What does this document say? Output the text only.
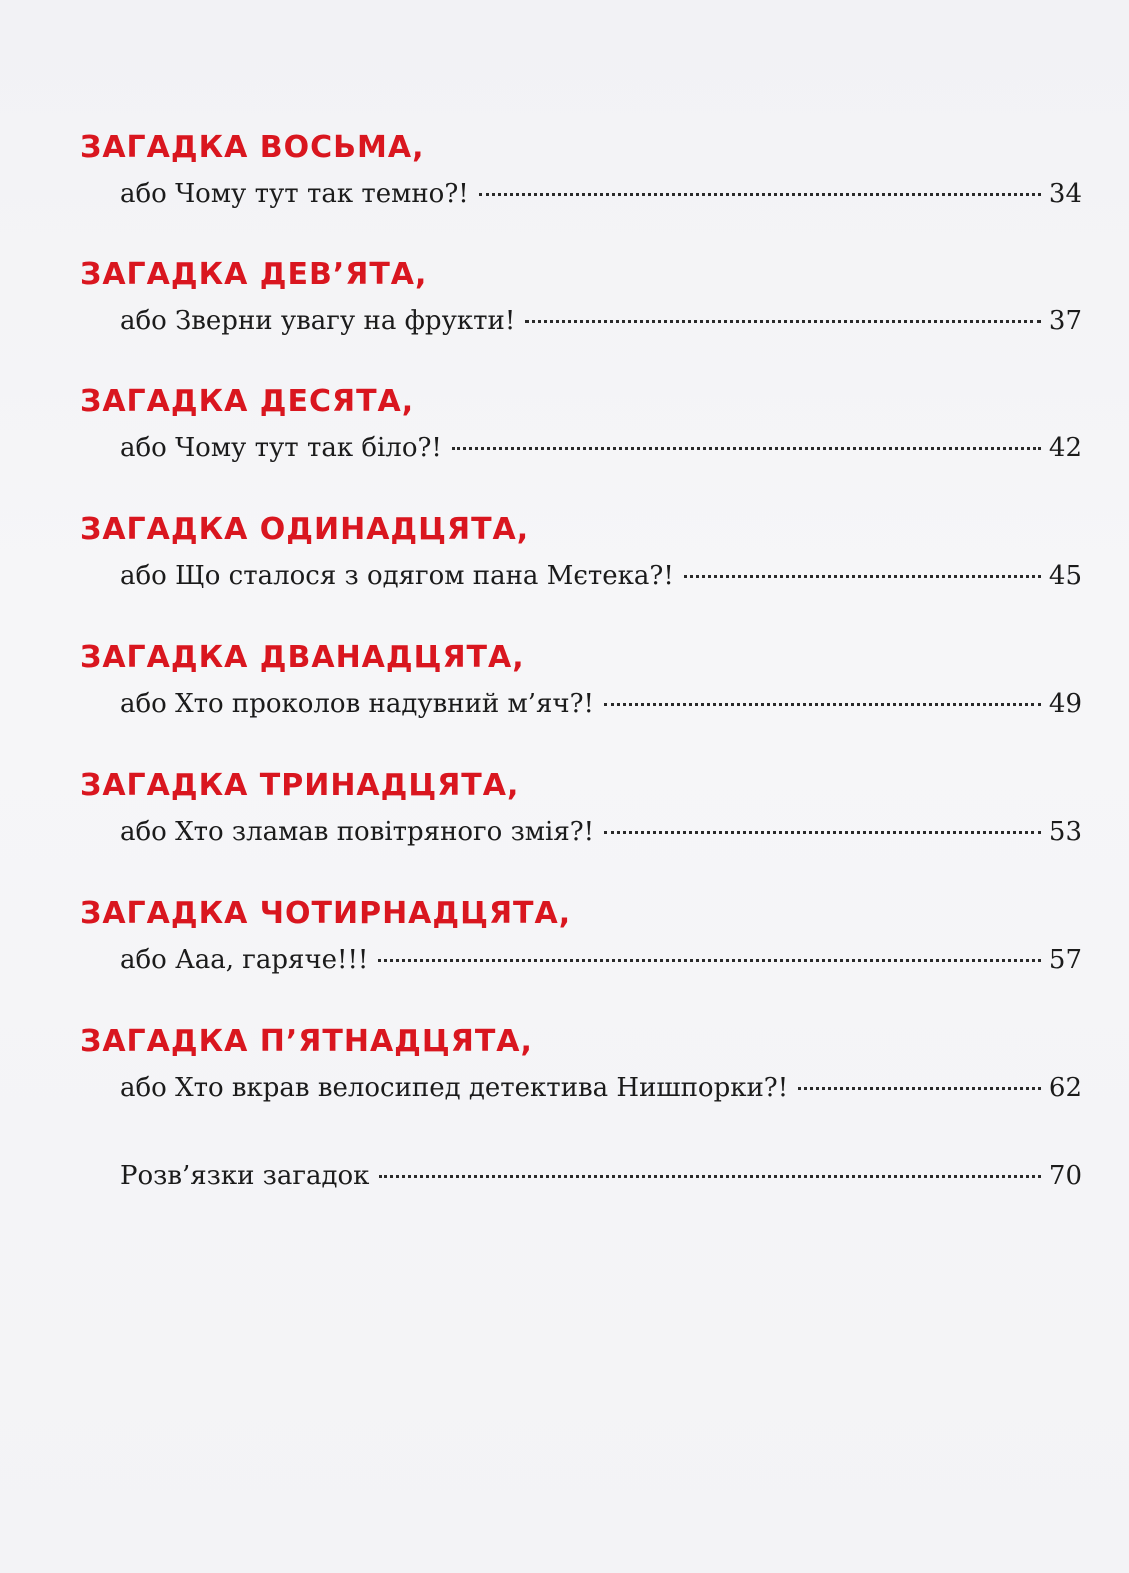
ЗАГАДКА ВОСЬМА,
або Чому тут так темно?!	34
ЗАГАДКА ДЕВ’ЯТА,
або Зверни увагу на фрукти!	37
ЗАГАДКА ДЕСЯТА,
або Чому тут так біло?!	42
ЗАГАДКА ОДИНАДЦЯТА,
або Що сталося з одягом пана Мєтека?!	45
ЗАГАДКА ДВАНАДЦЯТА,
або Хто проколов надувний м’яч?!	49
ЗАГАДКА ТРИНАДЦЯТА,
або Хто зламав повітряного змія?!	53
ЗАГАДКА ЧОТИРНАДЦЯТА,
або Ааа, гаряче!!!	57
ЗАГАДКА П’ЯТНАДЦЯТА,
або Хто вкрав велосипед детектива Нишпорки?!	62
Розв’язки загадок	70
